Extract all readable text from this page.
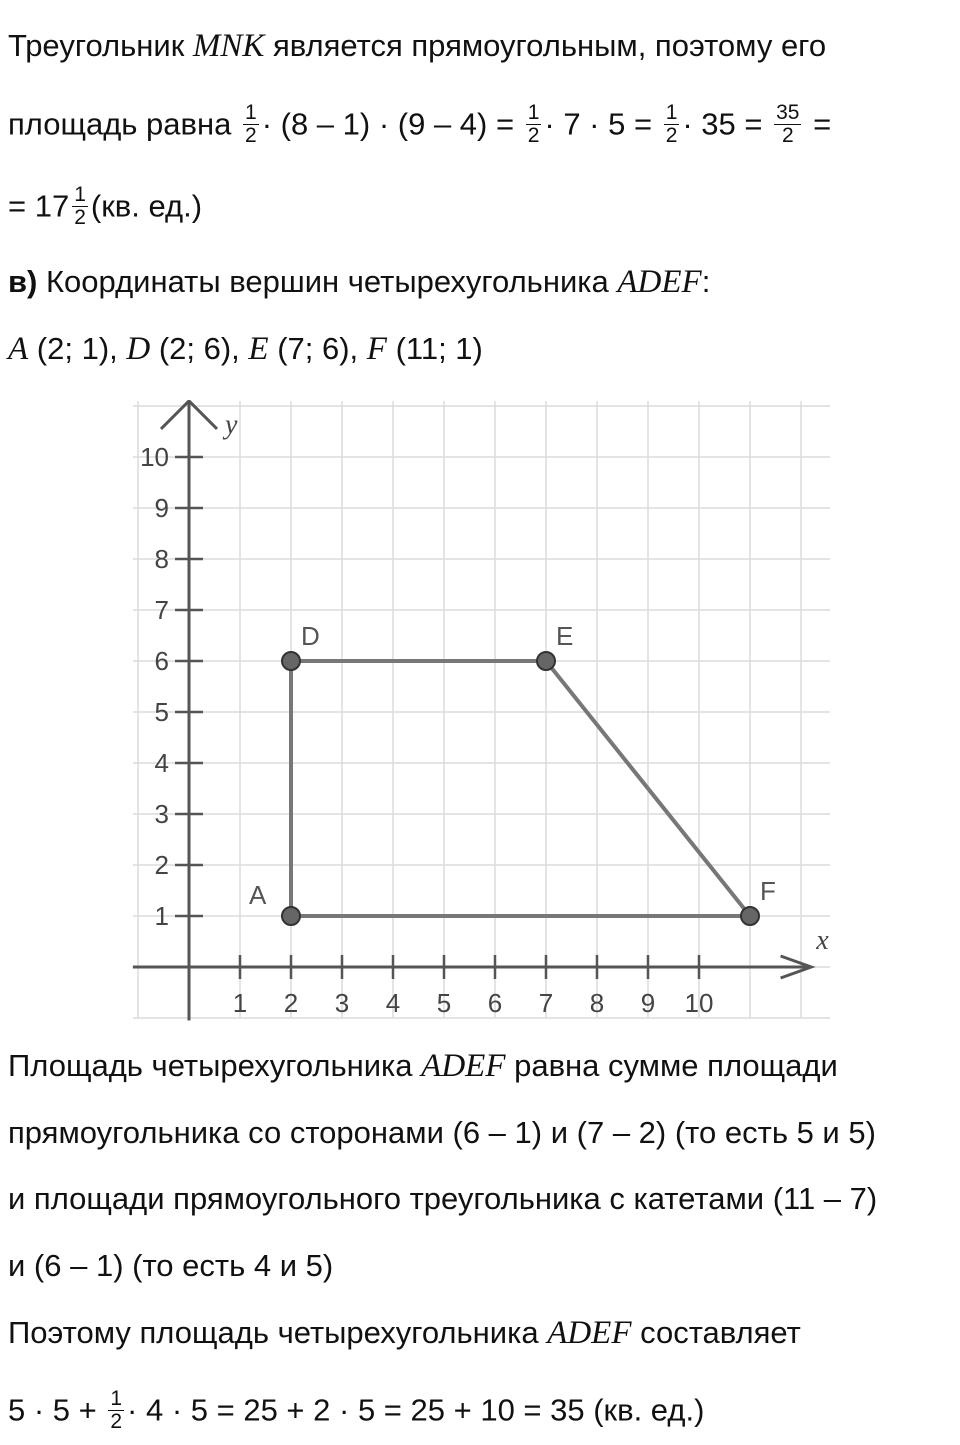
Треугольник MNK является прямоугольным, поэтому его
площадь равна $\frac{1}{2} \cdot (8 - 1) \cdot (9 - 4) = \frac{1}{2} \cdot 7 \cdot 5 = \frac{1}{2} \cdot 35 = \frac{35}{2}$ =
= $17 \frac{1}{2} (кв$. ед.)
в) Координаты вершин четырехугольника ADEF:
A (2; 1), D (2; 6), E (7; 6), F (11; 1)
x
y
1 2 3 4 5 6 7 8 9 10
1
2
3
4
5
6
7
8
9
10
A
D	E
F
Площадь четырехугольника ADEF равна сумме площади
прямоугольника со сторонами (6 – 1) и (7 – 2) (то есть 5 и 5)
и площади прямоугольного треугольника с катетами (11 – 7)
и (6 – 1) (то есть 4 и 5)
Поэтому площадь четырехугольника ADEF составляет
$5 \cdot 5 + \frac{1}{2} \cdot 4 \cdot 5 = 25 + 2 \cdot 5 = 25 + 10 = 35$ (кв. ед.)
